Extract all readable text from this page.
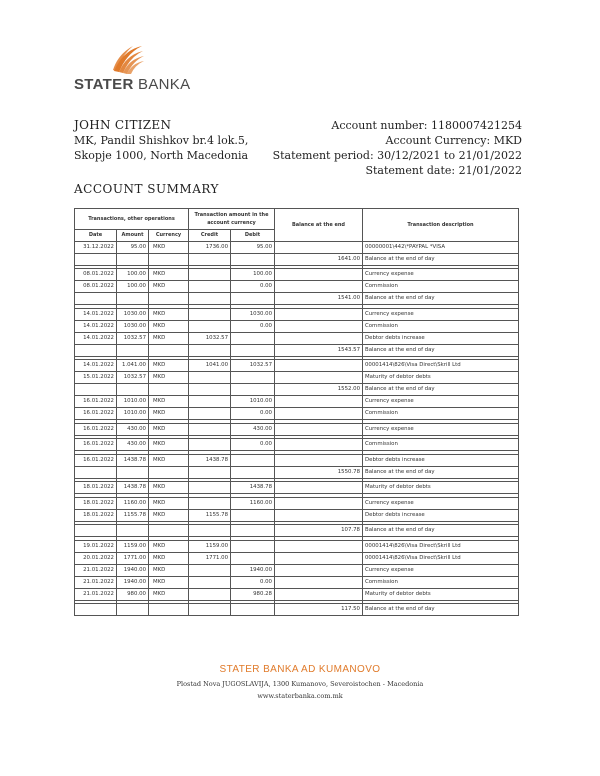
STATER BANKA
JOHN CITIZEN
MK, Pandil Shishkov br.4 lok.5,
Skopje 1000, North Macedonia
Account number: 1180007421254
Account Currency: MKD
Statement period: 30/12/2021 to 21/01/2022
Statement date: 21/01/2022
ACCOUNT SUMMARY
Transactions, other operations			Transaction amount in the account currency		Balance at the end	Transaction description
Date	Amount	Currency	Credit	Debit		
31.12.2022	95.00	MKD	1736.00	95.00		00000001\442\*PAYPAL *VISA
					1641.00	Balance at the end of day

08.01.2022	100.00	MKD		100.00		Currency expense
08.01.2022	100.00	MKD		0.00		Commission
					1541.00	Balance at the end of day

14.01.2022	1030.00	MKD		1030.00		Currency expense
14.01.2022	1030.00	MKD		0.00		Commission
14.01.2022	1032.57	MKD	1032.57			Debtor debts increase
					1543.57	Balance at the end of day

14.01.2022	1.041.00	MKD	1041.00	1032.57		00001414\826\Visa Direct\Skrill Ltd
15.01.2022	1032.57	MKD				Maturity of debtor debts
					1552.00	Balance at the end of day
16.01.2022	1010.00	MKD		1010.00		Currency expense
16.01.2022	1010.00	MKD		0.00		Commission

16.01.2022	430.00	MKD		430.00		Currency expense

16.01.2022	430.00	MKD		0.00		Commission

16.01.2022	1438.78	MKD	1438.78			Debtor debts increase
					1550.78	Balance at the end of day

18.01.2022	1438.78	MKD		1438.78		Maturity of debtor debts

18.01.2022	1160.00	MKD		1160.00		Currency expense
18.01.2022	1155.78	MKD	1155.78			Debtor debts increase

					107.78	Balance at the end of day

19.01.2022	1159.00	MKD	1159.00			00001414\826\Visa Direct\Skrill Ltd
20.01.2022	1771.00	MKD	1771.00			00001414\826\Visa Direct\Skrill Ltd
21.01.2022	1940.00	MKD		1940.00		Currency expense
21.01.2022	1940.00	MKD		0.00		Commission
21.01.2022	980.00	MKD		980.28		Maturity of debtor debts

					117.50	Balance at the end of day
STATER BANKA AD KUMANOVO
Plostad Nova JUGOSLAVIJA, 1300 Kumanovo, Severoistochen - Macedonia
www.staterbanka.com.mk
